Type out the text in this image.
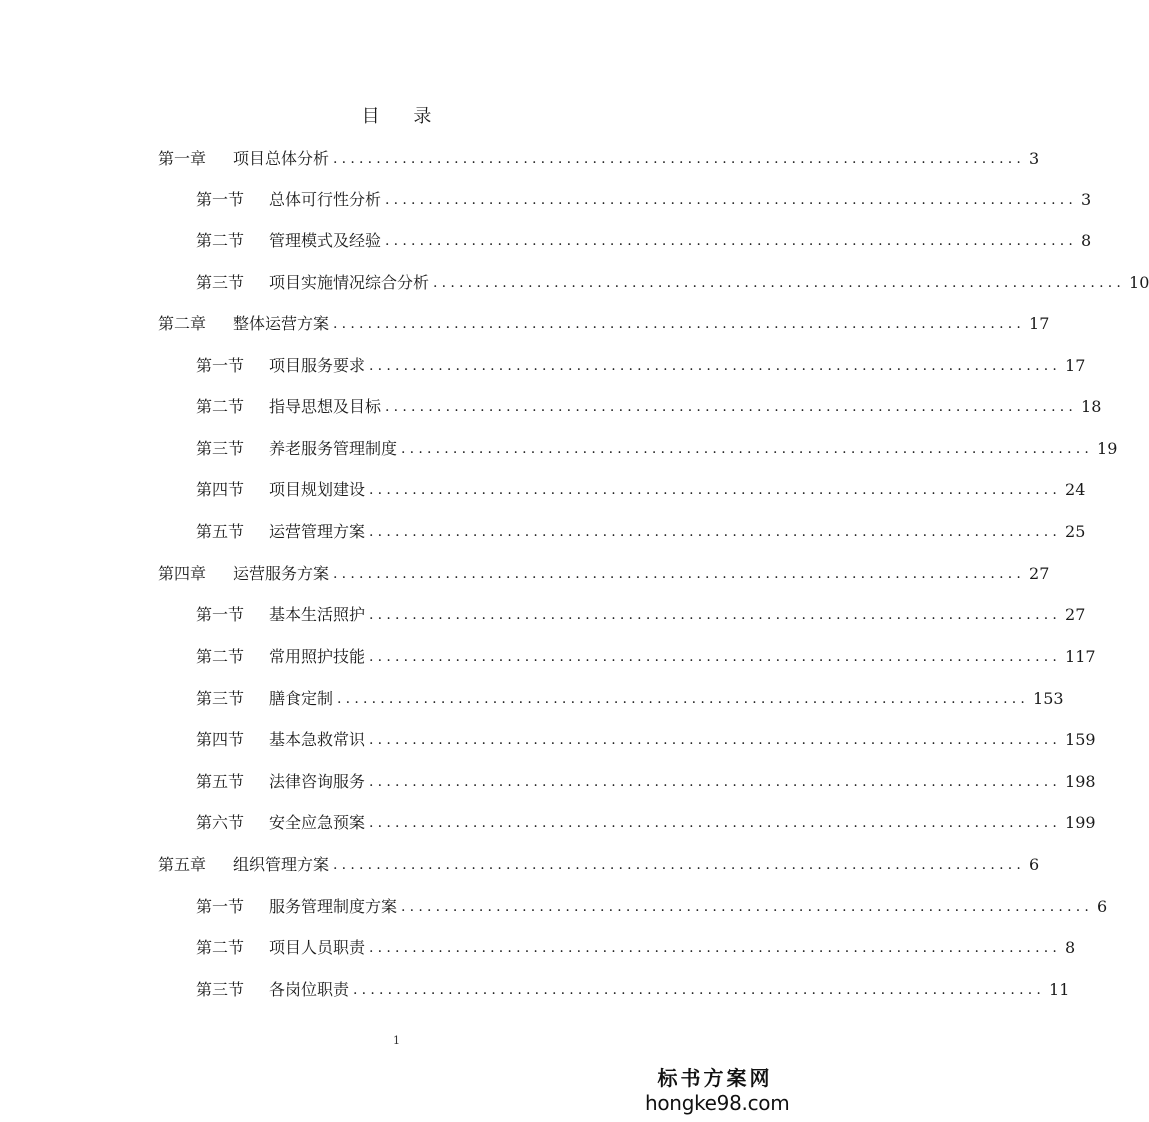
目 录
第一章	项目总体分析 ................................................................................ 3
第一节	总体可行性分析 ................................................................................ 3
第二节	管理模式及经验 ................................................................................ 8
第三节	项目实施情况综合分析 ................................................................................ 10
第二章	整体运营方案 ................................................................................ 17
第一节	项目服务要求 ................................................................................ 17
第二节	指导思想及目标 ................................................................................ 18
第三节	养老服务管理制度 ................................................................................ 19
第四节	项目规划建设 ................................................................................ 24
第五节	运营管理方案 ................................................................................ 25
第四章	运营服务方案 ................................................................................ 27
第一节	基本生活照护 ................................................................................ 27
第二节	常用照护技能 ................................................................................ 117
第三节	膳食定制 ................................................................................ 153
第四节	基本急救常识 ................................................................................ 159
第五节	法律咨询服务 ................................................................................ 198
第六节	安全应急预案 ................................................................................ 199
第五章	组织管理方案 ................................................................................ 6
第一节	服务管理制度方案 ................................................................................ 6
第二节	项目人员职责 ................................................................................ 8
第三节	各岗位职责 ................................................................................ 11
1
标书方案网
hongke98.com
